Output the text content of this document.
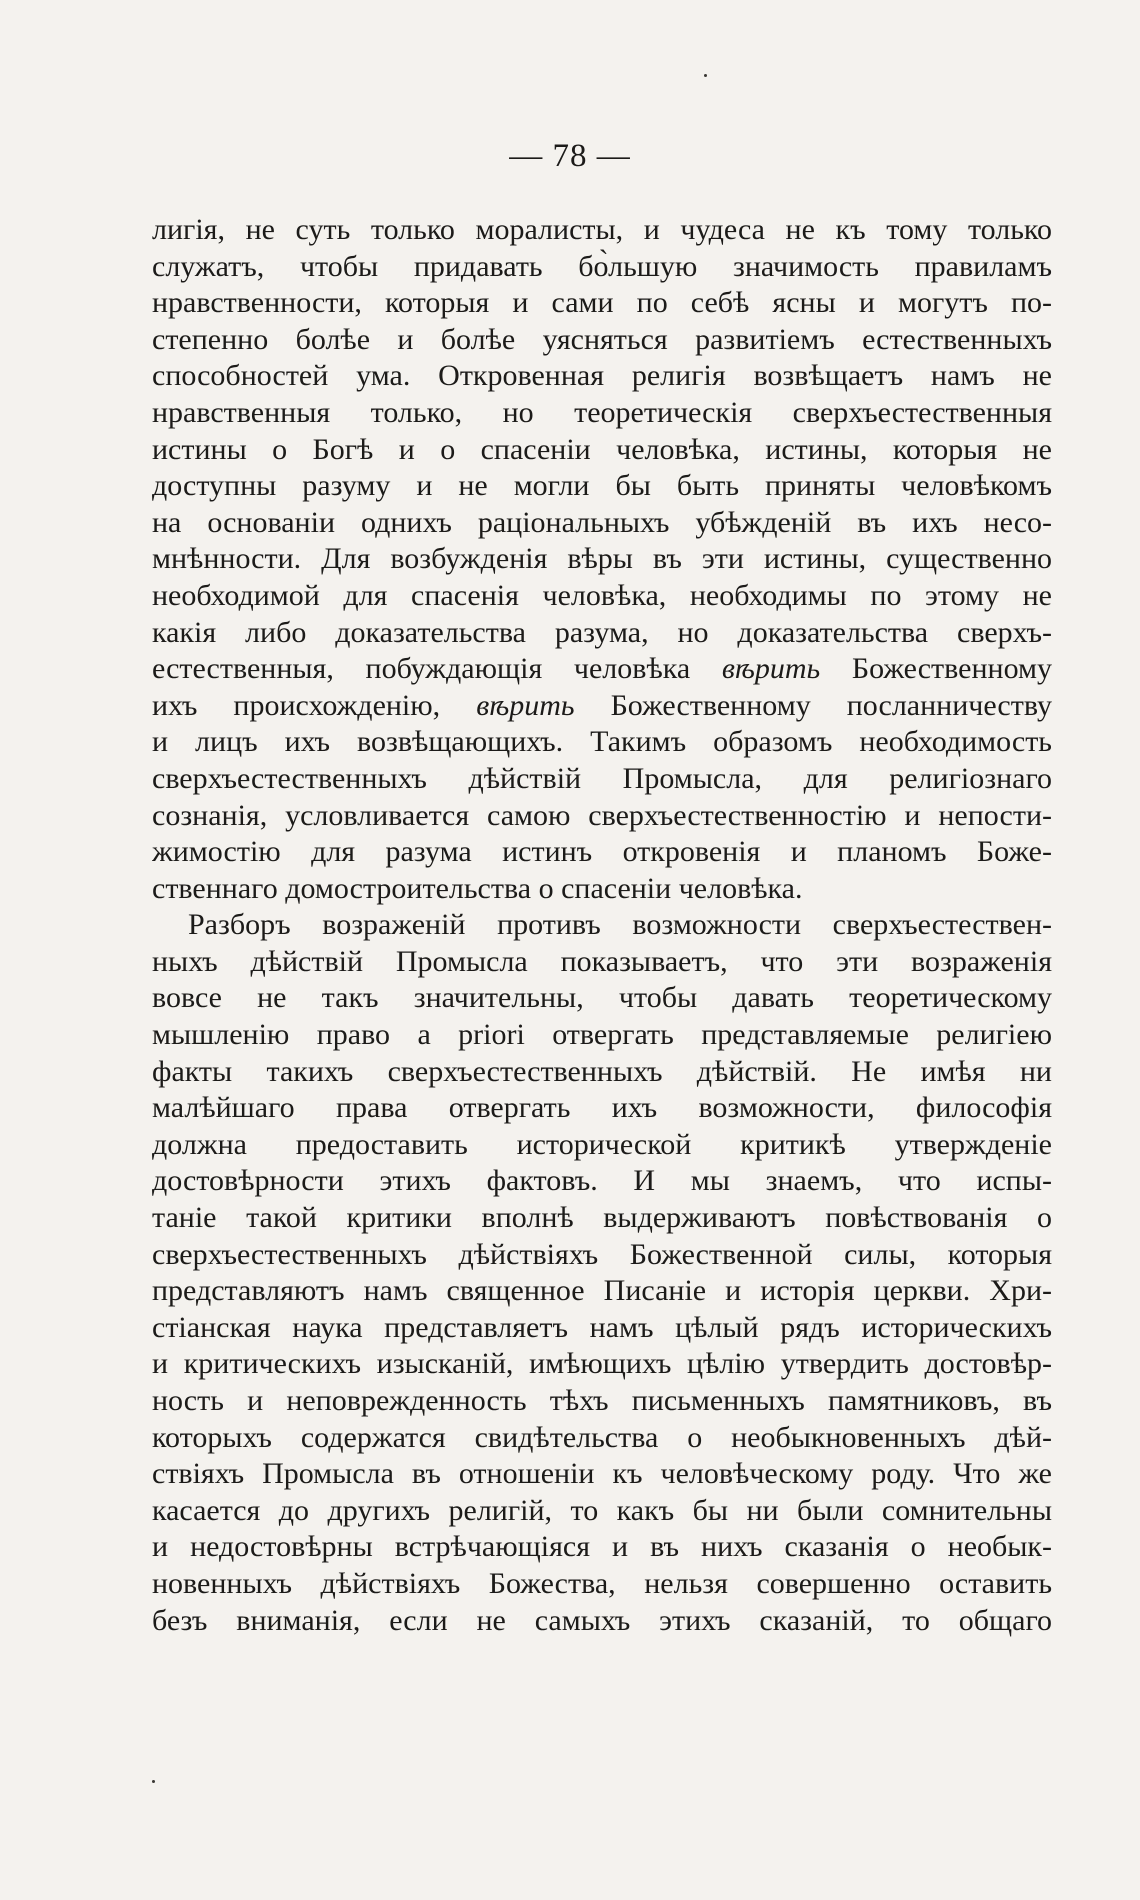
— 78 —
лигія, не суть только моралисты, и чудеса не къ тому только
служатъ, чтобы придавать бо̀льшую значимость правиламъ
нравственности, которыя и сами по себѣ ясны и могутъ по-
степенно болѣе и болѣе уясняться развитіемъ естественныхъ
способностей ума. Откровенная религія возвѣщаетъ намъ не
нравственныя только, но теоретическія сверхъестественныя
истины о Богѣ и о спасеніи человѣка, истины, которыя не
доступны разуму и не могли бы быть приняты человѣкомъ
на основаніи однихъ раціональныхъ убѣжденій въ ихъ несо-
мнѣнности. Для возбужденія вѣры въ эти истины, существенно
необходимой для спасенія человѣка, необходимы по этому не
какія либо доказательства разума, но доказательства сверхъ-
естественныя, побуждающія человѣка вѣрить Божественному
ихъ происхожденію, вѣрить Божественному посланничеству
и лицъ ихъ возвѣщающихъ. Такимъ образомъ необходимость
сверхъестественныхъ дѣйствій Промысла, для религіознаго
сознанія, условливается самою сверхъестественностію и непости-
жимостію для разума истинъ откровенія и планомъ Боже-
ственнаго домостроительства о спасеніи человѣка.
Разборъ возраженій противъ возможности сверхъестествен-
ныхъ дѣйствій Промысла показываетъ, что эти возраженія
вовсе не такъ значительны, чтобы давать теоретическому
мышленію право a priori отвергать представляемые религіею
факты такихъ сверхъестественныхъ дѣйствій. Не имѣя ни
малѣйшаго права отвергать ихъ возможности, философія
должна предоставить исторической критикѣ утвержденіе
достовѣрности этихъ фактовъ. И мы знаемъ, что испы-
таніе такой критики вполнѣ выдерживаютъ повѣствованія о
сверхъестественныхъ дѣйствіяхъ Божественной силы, которыя
представляютъ намъ священное Писаніе и исторія церкви. Хри-
стіанская наука представляетъ намъ цѣлый рядъ историческихъ
и критическихъ изысканій, имѣющихъ цѣлію утвердить достовѣр-
ность и неповрежденность тѣхъ письменныхъ памятниковъ, въ
которыхъ содержатся свидѣтельства о необыкновенныхъ дѣй-
ствіяхъ Промысла въ отношеніи къ человѣческому роду. Что же
касается до другихъ религій, то какъ бы ни были сомнительны
и недостовѣрны встрѣчающіяся и въ нихъ сказанія о необык-
новенныхъ дѣйствіяхъ Божества, нельзя совершенно оставить
безъ вниманія, если не самыхъ этихъ сказаній, то общаго
